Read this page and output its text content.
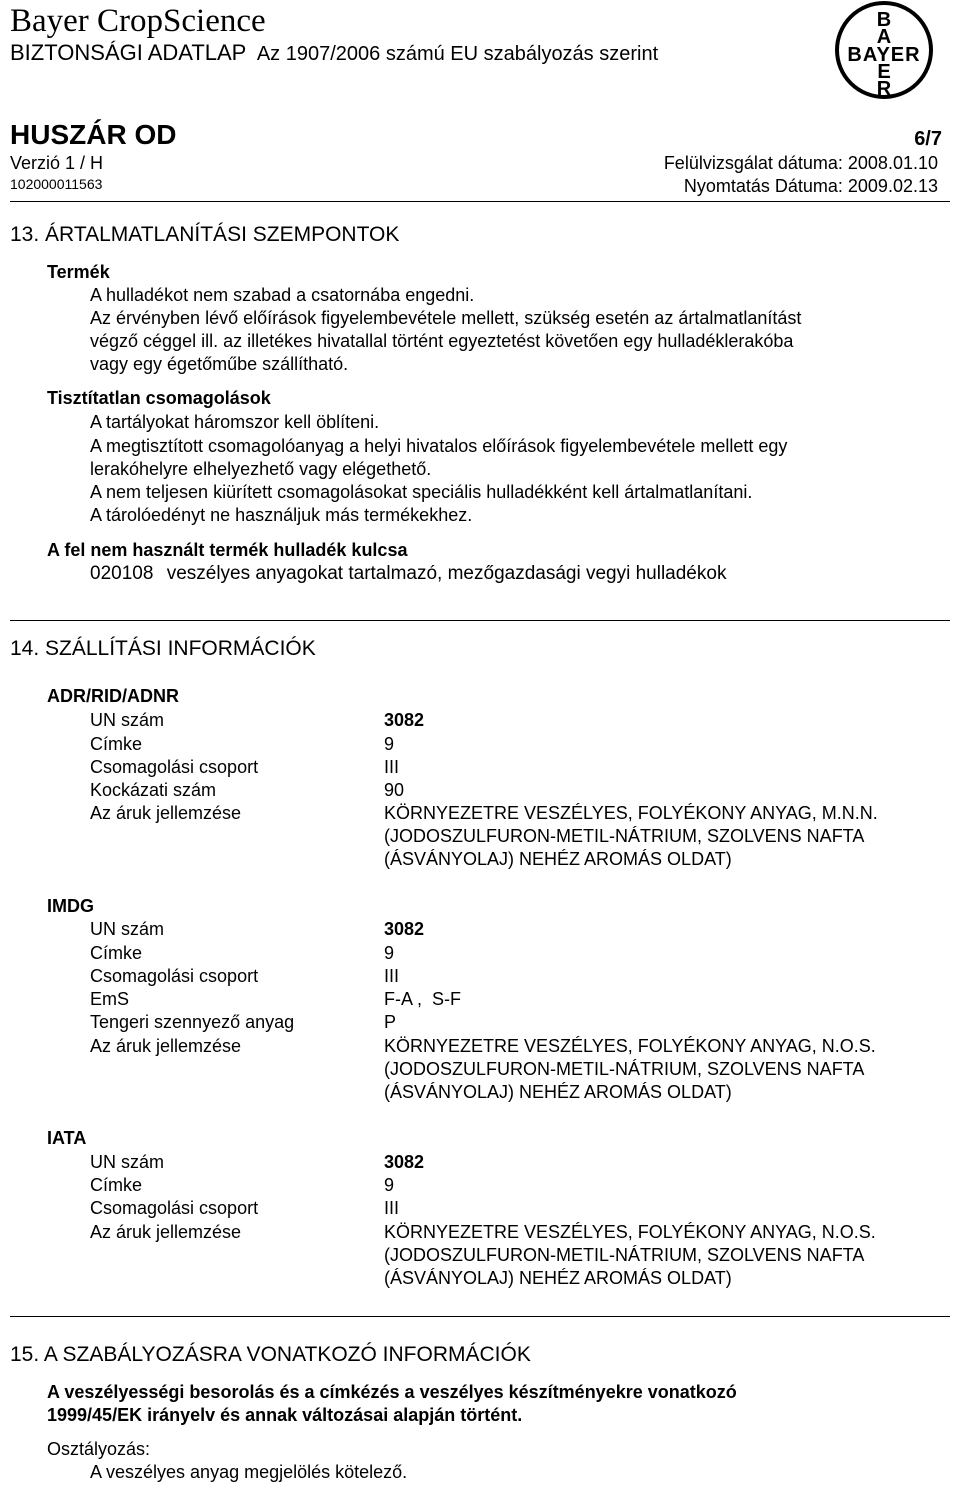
Bayer CropScience
BIZTONSÁGI ADATLAP Az 1907/2006 számú EU szabályozás szerint
B
A
BAYER
E
R
HUSZÁR OD	6/7
Verzió 1 / H	Felülvizsgálat dátuma: 2008.01.10
102000011563	Nyomtatás Dátuma: 2009.02.13
13. ÁRTALMATLANÍTÁSI SZEMPONTOK
Termék
A hulladékot nem szabad a csatornába engedni.
Az érvényben lévő előírások figyelembevétele mellett, szükség esetén az ártalmatlanítást
végző céggel ill. az illetékes hivatallal történt egyeztetést követően egy hulladéklerakóba
vagy egy égetőműbe szállítható.
Tisztítatlan csomagolások
A tartályokat háromszor kell öblíteni.
A megtisztított csomagolóanyag a helyi hivatalos előírások figyelembevétele mellett egy
lerakóhelyre elhelyezhető vagy elégethető.
A nem teljesen kiürített csomagolásokat speciális hulladékként kell ártalmatlanítani.
A tárolóedényt ne használjuk más termékekhez.
A fel nem használt termék hulladék kulcsa
020108 veszélyes anyagokat tartalmazó, mezőgazdasági vegyi hulladékok
14. SZÁLLÍTÁSI INFORMÁCIÓK
ADR/RID/ADNR
UN szám	3082
Címke	9
Csomagolási csoport	III
Kockázati szám	90
Az áruk jellemzése	KÖRNYEZETRE VESZÉLYES, FOLYÉKONY ANYAG, M.N.N.
(JODOSZULFURON-METIL-NÁTRIUM, SZOLVENS NAFTA
(ÁSVÁNYOLAJ) NEHÉZ AROMÁS OLDAT)
IMDG
UN szám	3082
Címke	9
Csomagolási csoport	III
EmS	F-A ,  S-F
Tengeri szennyező anyag	P
Az áruk jellemzése	KÖRNYEZETRE VESZÉLYES, FOLYÉKONY ANYAG, N.O.S.
(JODOSZULFURON-METIL-NÁTRIUM, SZOLVENS NAFTA
(ÁSVÁNYOLAJ) NEHÉZ AROMÁS OLDAT)
IATA
UN szám	3082
Címke	9
Csomagolási csoport	III
Az áruk jellemzése	KÖRNYEZETRE VESZÉLYES, FOLYÉKONY ANYAG, N.O.S.
(JODOSZULFURON-METIL-NÁTRIUM, SZOLVENS NAFTA
(ÁSVÁNYOLAJ) NEHÉZ AROMÁS OLDAT)
15. A SZABÁLYOZÁSRA VONATKOZÓ INFORMÁCIÓK
A veszélyességi besorolás és a címkézés a veszélyes készítményekre vonatkozó
1999/45/EK irányelv és annak változásai alapján történt.
Osztályozás:
A veszélyes anyag megjelölés kötelező.
